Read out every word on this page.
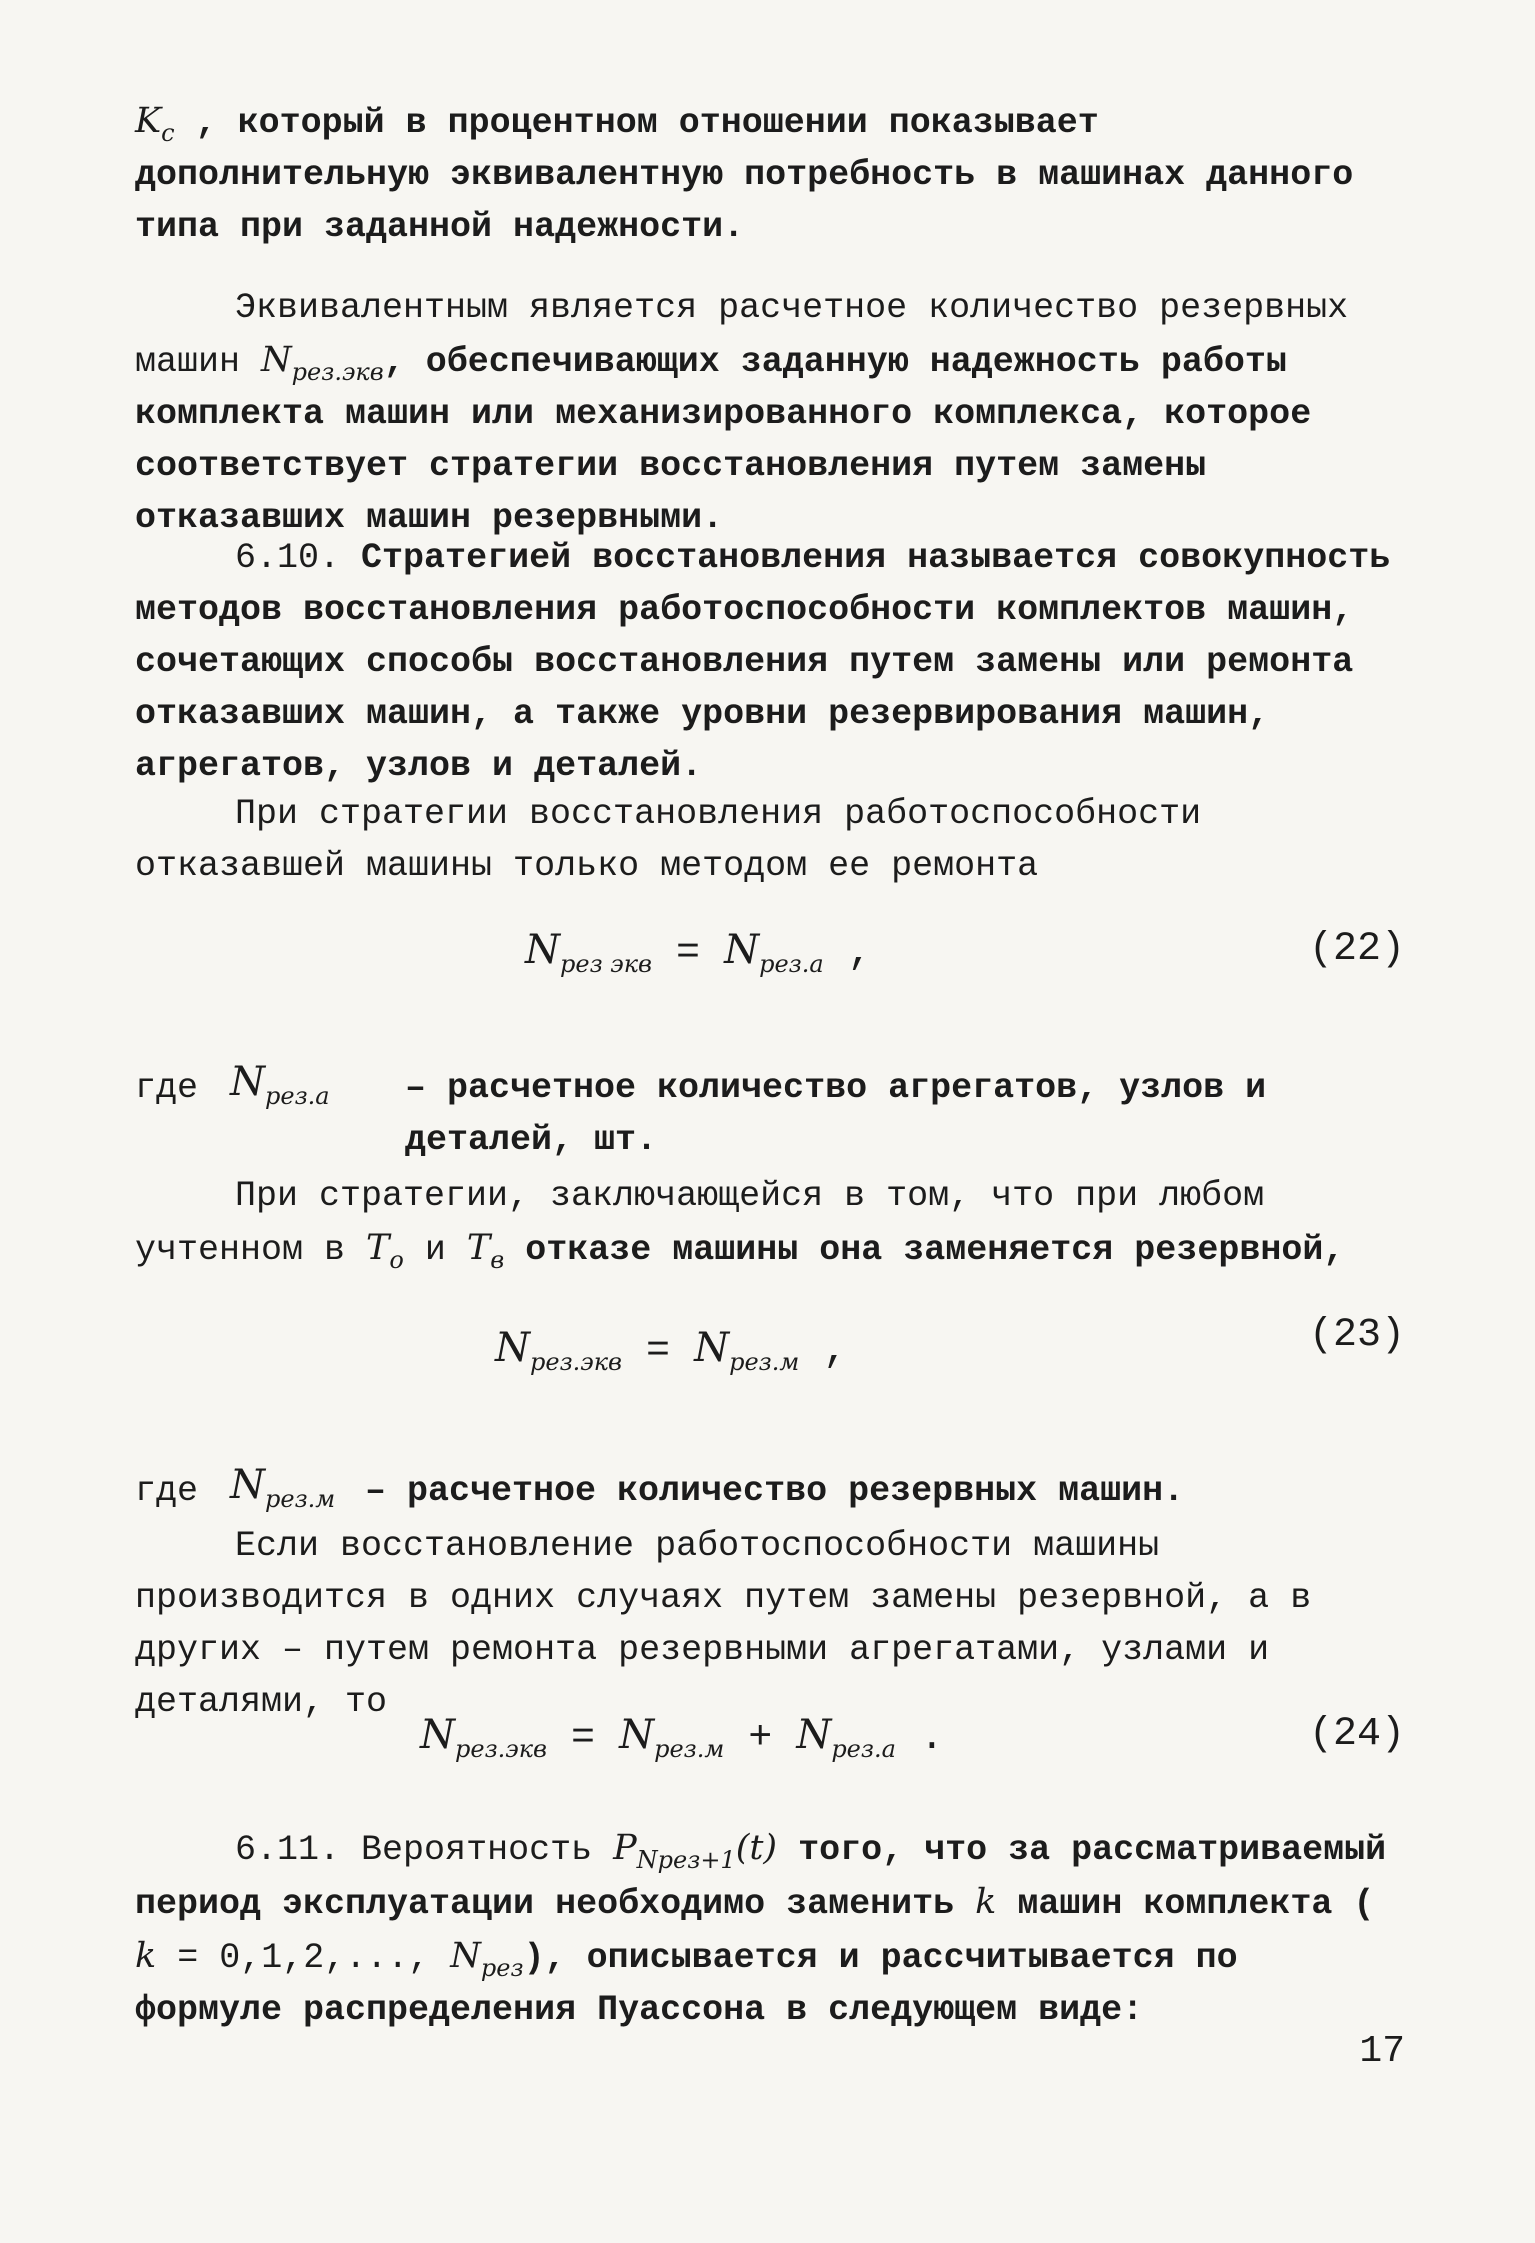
$K_c$ , который в процентном отношении показывает дополнительную эквивалентную потребность в машинах данного типа при заданной надежности.

Эквивалентным является расчетное количество резервных машин $N_{рез.экв}$, обеспечивающих заданную надежность работы комплекта машин или механизированного комплекса, которое соответствует стратегии восстановления путем замены отказавших машин резервными.

6.10. Стратегией восстановления называется совокупность методов восстановления работоспособности комплектов машин, сочетающих способы восстановления путем замены или ремонта отказавших машин, а также уровни резервирования машин, агрегатов, узлов и деталей.

При стратегии восстановления работоспособности отказавшей машины только методом ее ремонта

$N_{рез экв} = N_{рез.а}$ ,	(22)
где $N_{рез.а}$ – расчетное количество агрегатов, узлов и деталей, шт.

При стратегии, заключающейся в том, что при любом учтенном в $T_о$ и $T_в$ отказе машины она заменяется резервной,

$N_{рез.экв} = N_{рез.м}$ ,	(23)
где $N_{рез.м}$ – расчетное количество резервных машин.

Если восстановление работоспособности машины производится в одних случаях путем замены резервной, а в других – путем ремонта резервными агрегатами, узлами и деталями, то

$N_{рез.экв} = N_{рез.м} + N_{рез.а}$ .	(24)

6.11. Вероятность $P_{Nрез+1}(t)$ того, что за рассматриваемый период эксплуатации необходимо заменить k машин комплекта ( k = 0,1,2,..., $N_{рез}$), описывается и рассчитывается по формуле распределения Пуассона в следующем виде:

17
